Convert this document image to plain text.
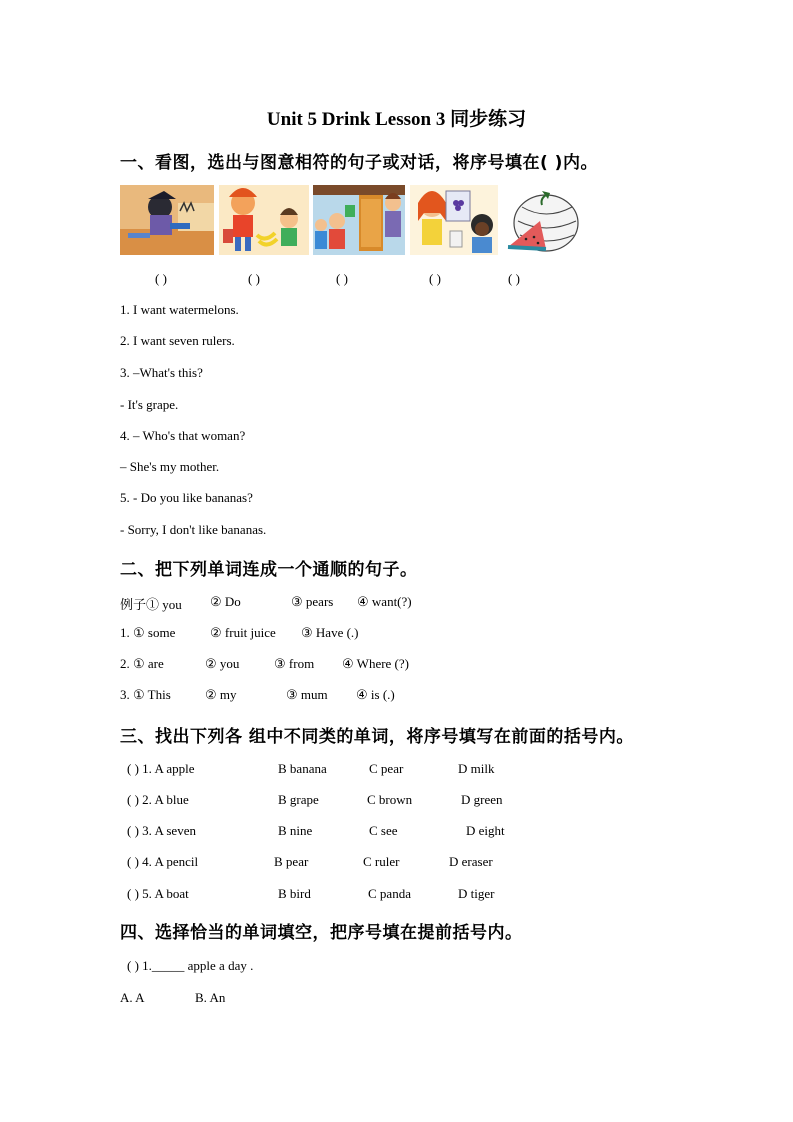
Unit 5 Drink Lesson 3 同步练习
一、看图，选出与图意相符的句子或对话，将序号填在( )内。
( )	( )	( )	( )	( )
1. I want watermelons.
2. I want seven rulers.
3. –What's this?
- It's grape.
4. – Who's that woman?
– She's my mother.
5. - Do you like bananas?
- Sorry, I don't like bananas.
二、把下列单词连成一个通顺的句子。
例子① you ② Do	③ pears ④ want(?)
1. ① some	② fruit juice ③ Have (.)
2. ① are	② you	③ from ④ Where (?)
3. ① This	② my	③ mum ④ is (.)
三、找出下列各 组中不同类的单词，将序号填写在前面的括号内。
( ) 1. A apple	B banana	C pear	D milk
( ) 2. A blue	B grape	C brown	D green
( ) 3. A seven	B nine	C see	D eight
( ) 4. A pencil	B pear	C ruler	D eraser
( ) 5. A boat	B bird	C panda	D tiger
四、选择恰当的单词填空，把序号填在提前括号内。
( ) 1._____ apple a day .
A. A	B. An
